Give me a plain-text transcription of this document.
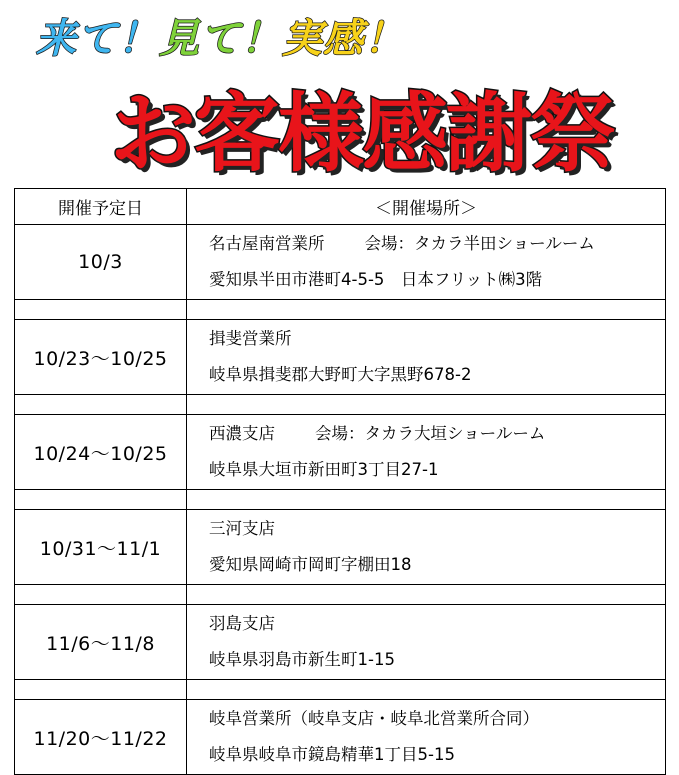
来て！ 見て！ 実感！
お客様感謝祭
開催予定日	＜開催場所＞
10/3	名古屋南営業所 会場：タカラ半田ショールーム
愛知県半田市港町4-5-5　日本フリット㈱3階

10/23～10/25	揖斐営業所
岐阜県揖斐郡大野町大字黒野678-2

10/24～10/25	西濃支店 会場：タカラ大垣ショールーム
岐阜県大垣市新田町3丁目27-1

10/31～11/1	三河支店
愛知県岡崎市岡町字棚田18

11/6～11/8	羽島支店
岐阜県羽島市新生町1-15

11/20～11/22	岐阜営業所（岐阜支店・岐阜北営業所合同）
岐阜県岐阜市鏡島精華1丁目5-15
